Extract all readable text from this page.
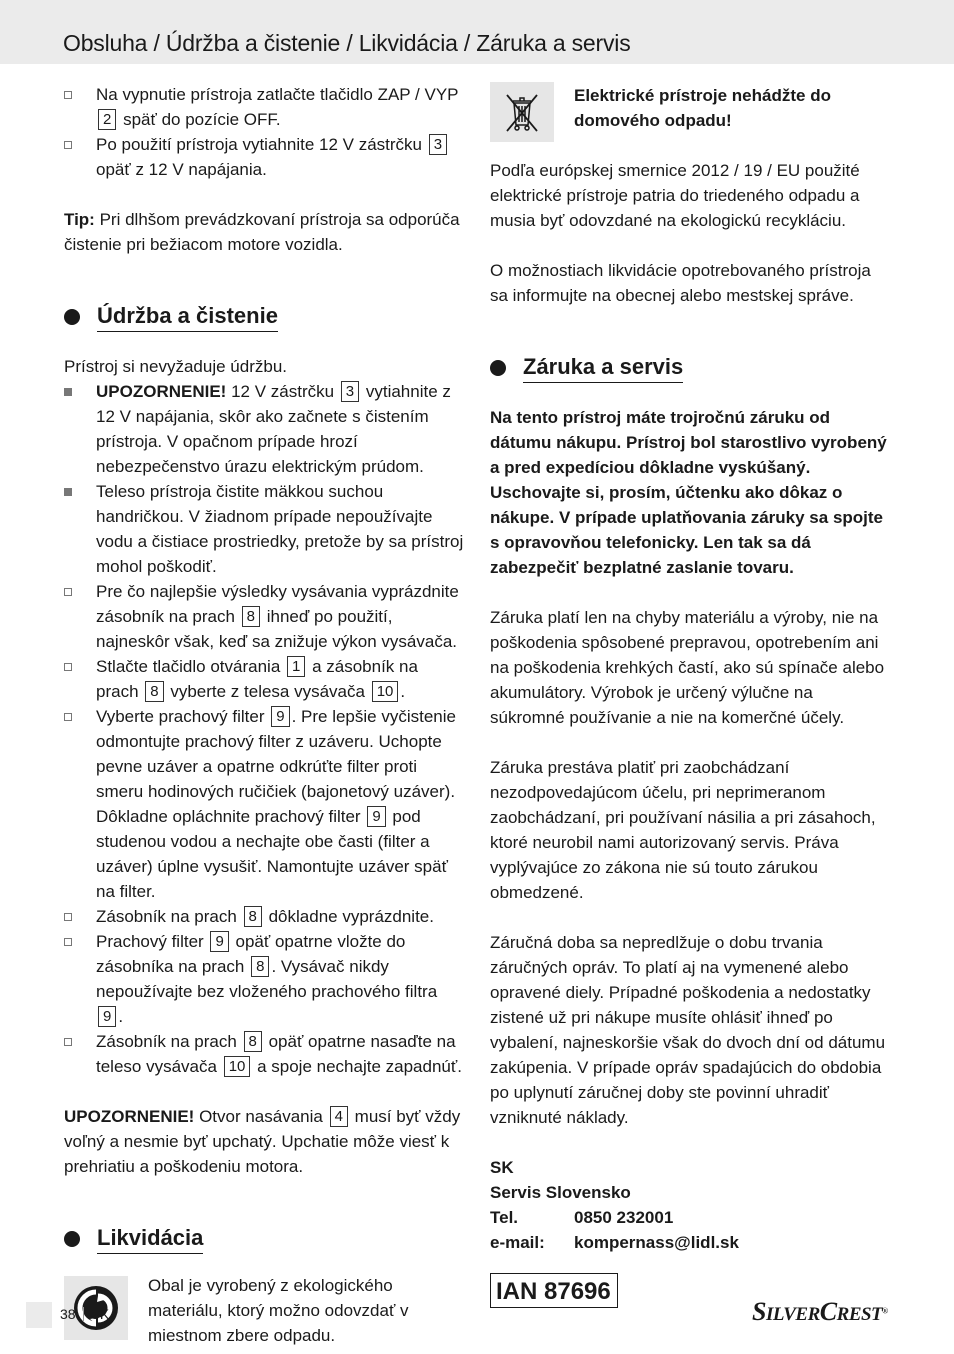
Obsluha / Údržba a čistenie / Likvidácia / Záruka a servis
Na vypnutie prístroja zatlačte tlačidlo ZAP / VYP 2 späť do pozície OFF.
Po použití prístroja vytiahnite 12 V zástrčku 3 opäť z 12 V napájania.

Tip: Pri dlhšom prevádzkovaní prístroja sa odporúča čistenie pri bežiacom motore vozidla.

Údržba a čistenie

Prístroj si nevyžaduje údržbu.

UPOZORNENIE! 12 V zástrčku 3 vytiahnite z 12 V napájania, skôr ako začnete s čistením prístroja. V opačnom prípade hrozí nebezpečenstvo úrazu elektrickým prúdom.
Teleso prístroja čistite mäkkou suchou handričkou. V žiadnom prípade nepoužívajte vodu a čistiace prostriedky, pretože by sa prístroj mohol poškodiť.
Pre čo najlepšie výsledky vysávania vyprázdnite zásobník na prach 8 ihneď po použití, najneskôr však, keď sa znižuje výkon vysávača.
Stlačte tlačidlo otvárania 1 a zásobník na prach 8 vyberte z telesa vysávača 10 .
Vyberte prachový filter 9 . Pre lepšie vyčistenie odmontujte prachový filter z uzáveru. Uchopte pevne uzáver a opatrne odkrúťte filter proti smeru hodinových ručičiek (bajonetový uzáver). Dôkladne opláchnite prachový filter 9 pod studenou vodou a nechajte obe časti (filter a uzáver) úplne vysušiť. Namontujte uzáver späť na filter.
Zásobník na prach 8 dôkladne vyprázdnite.
Prachový filter 9 opäť opatrne vložte do zásobníka na prach 8 . Vysávač nikdy nepoužívajte bez vloženého prachového filtra 9 .
Zásobník na prach 8 opäť opatrne nasaďte na teleso vysávača 10 a spoje nechajte zapadnúť.

UPOZORNENIE! Otvor nasávania 4 musí byť vždy voľný a nesmie byť upchatý. Upchatie môže viesť k prehriatiu a poškodeniu motora.

Likvidácia
Obal je vyrobený z ekologického materiálu, ktorý možno odovzdať v miestnom zbere odpadu.
Elektrické prístroje nehádžte do domového odpadu!

Podľa európskej smernice 2012 / 19 / EU použité elektrické prístroje patria do triedeného odpadu a musia byť odovzdané na ekologickú recykláciu.

O možnostiach likvidácie opotrebovaného prístroja sa informujte na obecnej alebo mestskej správe.

Záruka a servis

Na tento prístroj máte trojročnú záruku od dátumu nákupu. Prístroj bol starostlivo vyrobený a pred expedíciou dôkladne vyskúšaný. Uschovajte si, prosím, účtenku ako dôkaz o nákupe. V prípade uplatňovania záruky sa spojte s opravovňou telefonicky. Len tak sa dá zabezpečiť bezplatné zaslanie tovaru.

Záruka platí len na chyby materiálu a výroby, nie na poškodenia spôsobené prepravou, opotrebením ani na poškodenia krehkých častí, ako sú spínače alebo akumulátory. Výrobok je určený výlučne na súkromné používanie a nie na komerčné účely.

Záruka prestáva platiť pri zaobchádzaní nezodpovedajúcom účelu, pri neprimeranom zaobchádzaní, pri používaní násilia a pri zásahoch, ktoré neurobil nami autorizovaný servis. Práva vyplývajúce zo zákona nie sú touto zárukou obmedzené.

Záručná doba sa nepredlžuje o dobu trvania záručných opráv. To platí aj na vymenené alebo opravené diely. Prípadné poškodenia a nedostatky zistené už pri nákupe musíte ohlásiť ihneď po vybalení, najneskoršie však do dvoch dní od dátumu zakúpenia. V prípade opráv spadajúcich do obdobia po uplynutí záručnej doby ste povinní uhradiť vzniknuté náklady.

SK	
Servis Slovensko	
Tel.	0850 232001
e-mail:	kompernass@lidl.sk
IAN 87696
38 SK	SILVERCREST®
